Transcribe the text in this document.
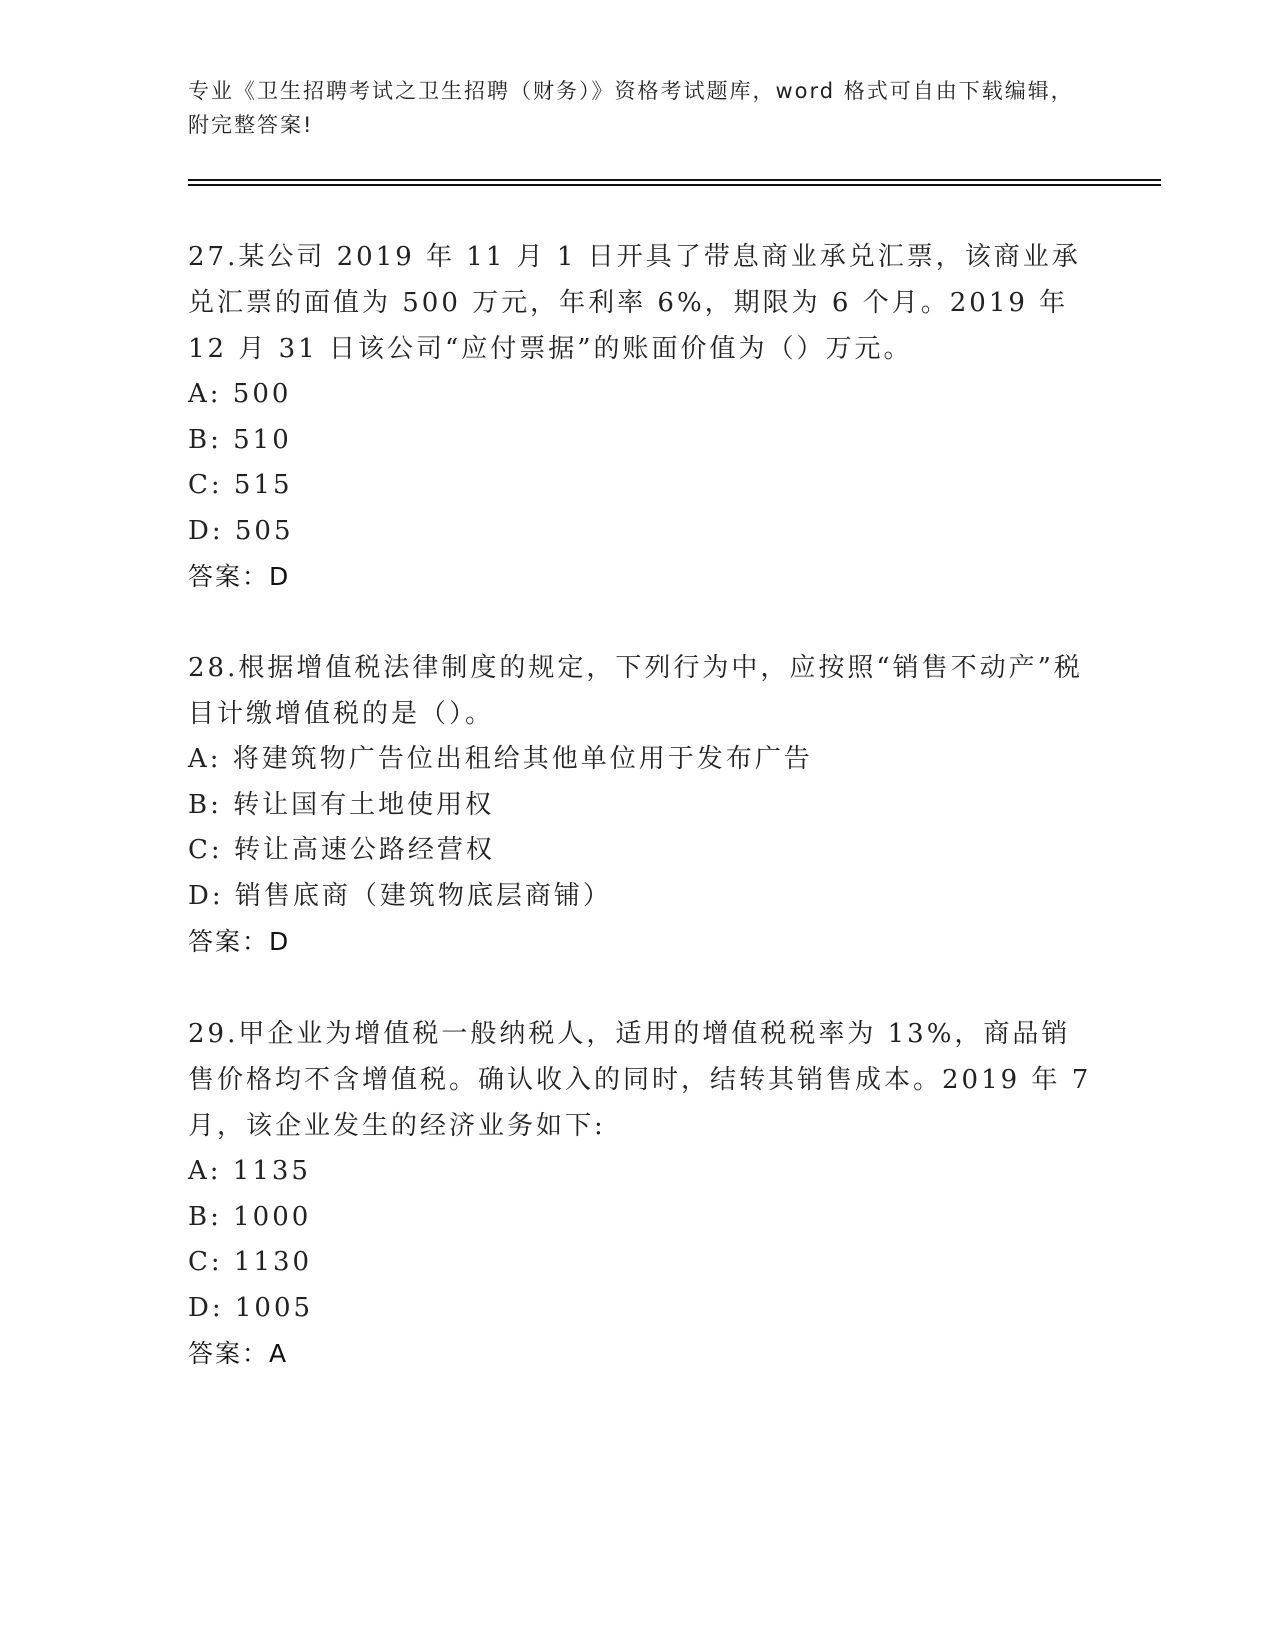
专业《卫生招聘考试之卫生招聘（财务）》资格考试题库，word 格式可自由下载编辑，附完整答案!

27.某公司 2019 年 11 月 1 日开具了带息商业承兑汇票，该商业承兑汇票的面值为 500 万元，年利率 6%，期限为 6 个月。2019 年 12 月 31 日该公司“应付票据”的账面价值为（）万元。

A: 500

B: 510

C: 515

D: 505

答案：D

28.根据增值税法律制度的规定，下列行为中，应按照“销售不动产”税目计缴增值税的是（）。

A: 将建筑物广告位出租给其他单位用于发布广告

B: 转让国有土地使用权

C: 转让高速公路经营权

D: 销售底商（建筑物底层商铺）

答案：D

29.甲企业为增值税一般纳税人，适用的增值税税率为 13%，商品销售价格均不含增值税。确认收入的同时，结转其销售成本。2019 年 7 月，该企业发生的经济业务如下:

A: 1135

B: 1000

C: 1130

D: 1005

答案：A
